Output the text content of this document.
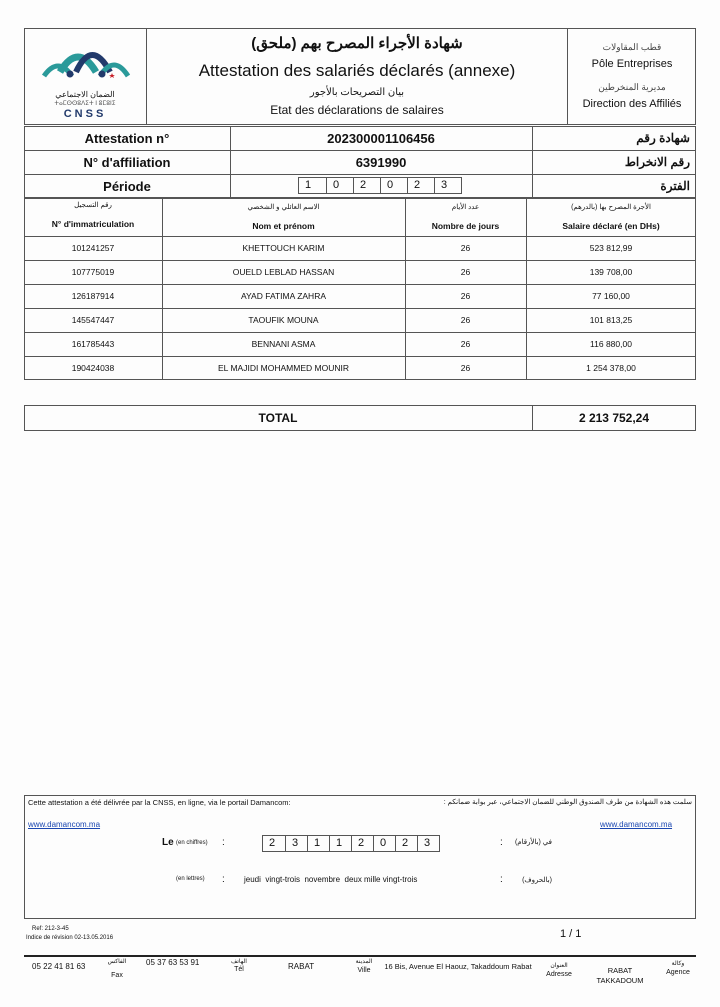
الضمان الاجتماعي
ⵜⴰⵎⵙⵙⵓⴷⵉⵜ ⵏ ⵓⵎⵓⵏⵉ
CNSS
شهادة الأجراء المصرح بهم (ملحق)
Attestation des salariés déclarés (annexe)
بيان التصريحات بالأجور
Etat des déclarations de salaires
قطب المقاولات
Pôle Entreprises
مديرية المنخرطين
Direction des Affiliés
Attestation n°	202300001106456	شهادة رقم
N° d'affiliation	6391990	رقم الانخراط
Période	1	0	2	0	2	3	الفترة
رقم التسجيل
N° d'immatriculation
الاسم العائلي و الشخصي
Nom et prénom
عدد الأيام
Nombre de jours
الأجرة المصرح بها (بالدرهم)
Salaire déclaré (en DHs)
101241257	KHETTOUCH KARIM	26	523 812,99
107775019	OUELD LEBLAD HASSAN	26	139 708,00
126187914	AYAD FATIMA ZAHRA	26	77 160,00
145547447	TAOUFIK MOUNA	26	101 813,25
161785443	BENNANI ASMA	26	116 880,00
190424038	EL MAJIDI MOHAMMED MOUNIR	26	1 254 378,00
TOTAL	2 213 752,24
Cette attestation a été délivrée par la CNSS, en ligne, via le portail Damancom:	سلمت هذه الشهادة من طرف الصندوق الوطني للضمان الاجتماعي، عبر بوابة ضمانكم :
www.damancom.ma	www.damancom.ma
Le (en chiffres) :	2	3	1	1	2	0	2	3	:	في (بالأرقام)
(en lettres) : jeudi  vingt-trois  novembre  deux mille vingt-trois	:	(بالحروف)
Ref: 212-3-45
Indice de révision 02-13.05.2016	1 / 1
05 22 41 81 63	الفاكس
Fax
05 37 63 53 91	الهاتف
Tél	RABAT	المدينة
Ville	16 Bis, Avenue El Haouz, Takaddoum Rabat	العنوان
Adresse	RABAT TAKKADOUM
وكالة
Agence
